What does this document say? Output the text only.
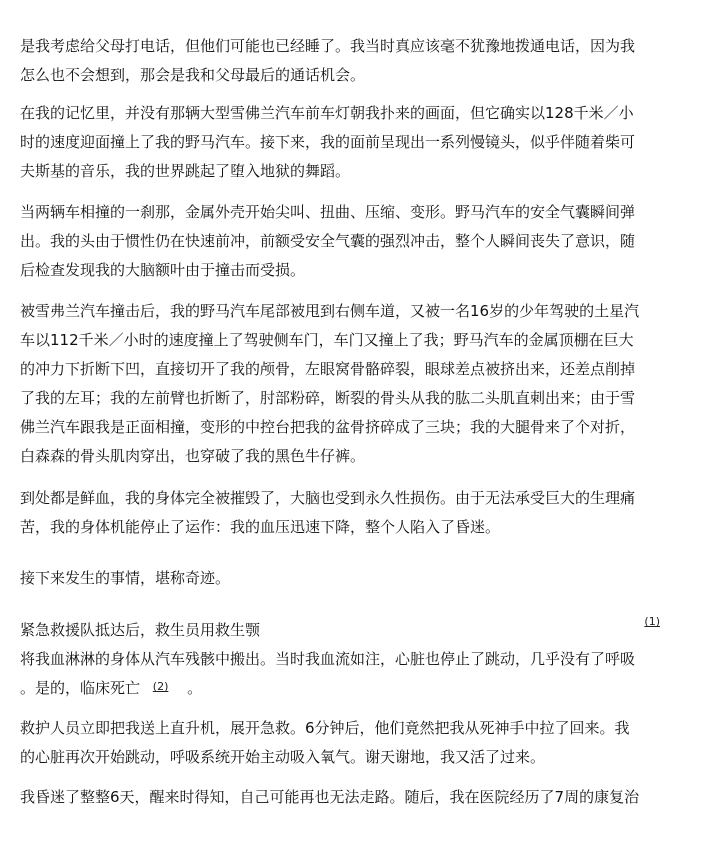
是我考虑给父母打电话，但他们可能也已经睡了。我当时真应该毫不犹豫地拨通电话，因为我
怎么也不会想到，那会是我和父母最后的通话机会。
在我的记忆里，并没有那辆大型雪佛兰汽车前车灯朝我扑来的画面，但它确实以128千米／小
时的速度迎面撞上了我的野马汽车。接下来，我的面前呈现出一系列慢镜头，似乎伴随着柴可
夫斯基的音乐，我的世界跳起了堕入地狱的舞蹈。
当两辆车相撞的一刹那，金属外壳开始尖叫、扭曲、压缩、变形。野马汽车的安全气囊瞬间弹
出。我的头由于惯性仍在快速前冲，前额受安全气囊的强烈冲击，整个人瞬间丧失了意识，随
后检查发现我的大脑额叶由于撞击而受损。
被雪弗兰汽车撞击后，我的野马汽车尾部被甩到右侧车道，又被一名16岁的少年驾驶的土星汽
车以112千米／小时的速度撞上了驾驶侧车门，车门又撞上了我；野马汽车的金属顶棚在巨大
的冲力下折断下凹，直接切开了我的颅骨，左眼窝骨骼碎裂，眼球差点被挤出来，还差点削掉
了我的左耳；我的左前臂也折断了，肘部粉碎，断裂的骨头从我的肱二头肌直刺出来；由于雪
佛兰汽车跟我是正面相撞，变形的中控台把我的盆骨挤碎成了三块；我的大腿骨来了个对折，
白森森的骨头肌肉穿出，也穿破了我的黑色牛仔裤。
到处都是鲜血，我的身体完全被摧毁了，大脑也受到永久性损伤。由于无法承受巨大的生理痛
苦，我的身体机能停止了运作：我的血压迅速下降，整个人陷入了昏迷。
接下来发生的事情，堪称奇迹。
紧急救援队抵达后，救生员用救生颚	(1)
将我血淋淋的身体从汽车残骸中搬出。当时我血流如注，心脏也停止了跳动，几乎没有了呼吸
。是的，临床死亡 (2) 。
救护人员立即把我送上直升机，展开急救。6分钟后，他们竟然把我从死神手中拉了回来。我
的心脏再次开始跳动，呼吸系统开始主动吸入氧气。谢天谢地，我又活了过来。
我昏迷了整整6天，醒来时得知，自己可能再也无法走路。随后，我在医院经历了7周的康复治
